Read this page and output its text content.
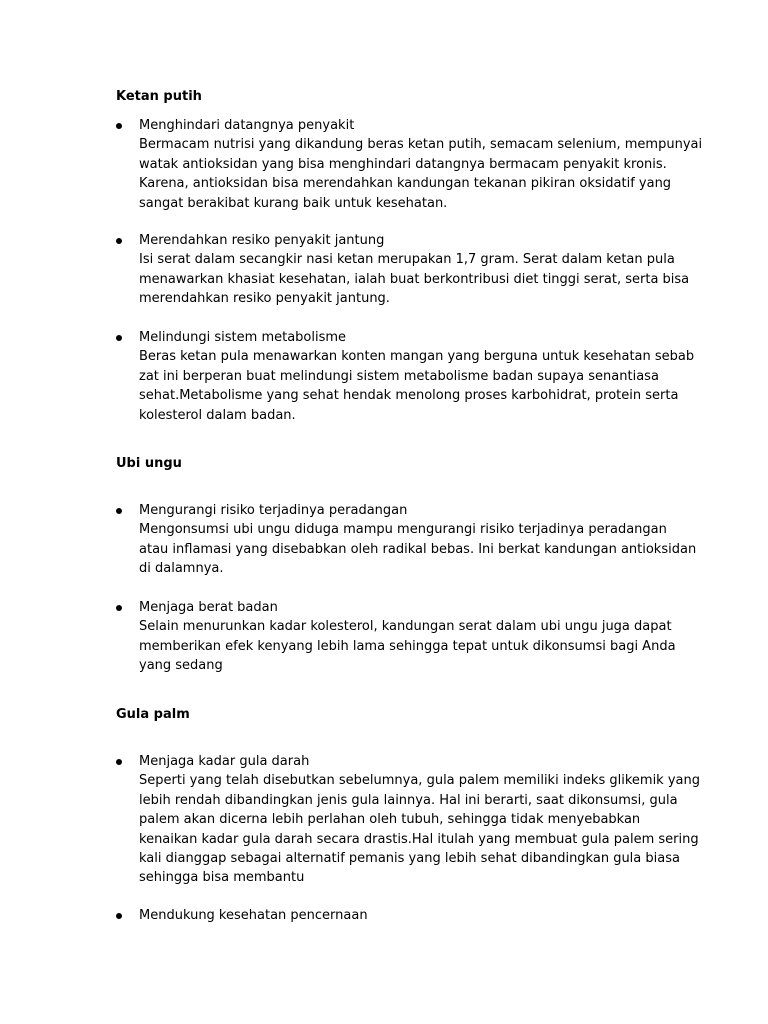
Ketan putih
Menghindari datangnya penyakit
Bermacam nutrisi yang dikandung beras ketan putih, semacam selenium, mempunyai
watak antioksidan yang bisa menghindari datangnya bermacam penyakit kronis.
Karena, antioksidan bisa merendahkan kandungan tekanan pikiran oksidatif yang
sangat berakibat kurang baik untuk kesehatan.
Merendahkan resiko penyakit jantung
Isi serat dalam secangkir nasi ketan merupakan 1,7 gram. Serat dalam ketan pula
menawarkan khasiat kesehatan, ialah buat berkontribusi diet tinggi serat, serta bisa
merendahkan resiko penyakit jantung.
Melindungi sistem metabolisme
Beras ketan pula menawarkan konten mangan yang berguna untuk kesehatan sebab
zat ini berperan buat melindungi sistem metabolisme badan supaya senantiasa
sehat.Metabolisme yang sehat hendak menolong proses karbohidrat, protein serta
kolesterol dalam badan.
Ubi ungu
Mengurangi risiko terjadinya peradangan
Mengonsumsi ubi ungu diduga mampu mengurangi risiko terjadinya peradangan
atau inflamasi yang disebabkan oleh radikal bebas. Ini berkat kandungan antioksidan
di dalamnya.
Menjaga berat badan
Selain menurunkan kadar kolesterol, kandungan serat dalam ubi ungu juga dapat
memberikan efek kenyang lebih lama sehingga tepat untuk dikonsumsi bagi Anda
yang sedang
Gula palm
Menjaga kadar gula darah
Seperti yang telah disebutkan sebelumnya, gula palem memiliki indeks glikemik yang
lebih rendah dibandingkan jenis gula lainnya. Hal ini berarti, saat dikonsumsi, gula
palem akan dicerna lebih perlahan oleh tubuh, sehingga tidak menyebabkan
kenaikan kadar gula darah secara drastis.Hal itulah yang membuat gula palem sering
kali dianggap sebagai alternatif pemanis yang lebih sehat dibandingkan gula biasa
sehingga bisa membantu
Mendukung kesehatan pencernaan
